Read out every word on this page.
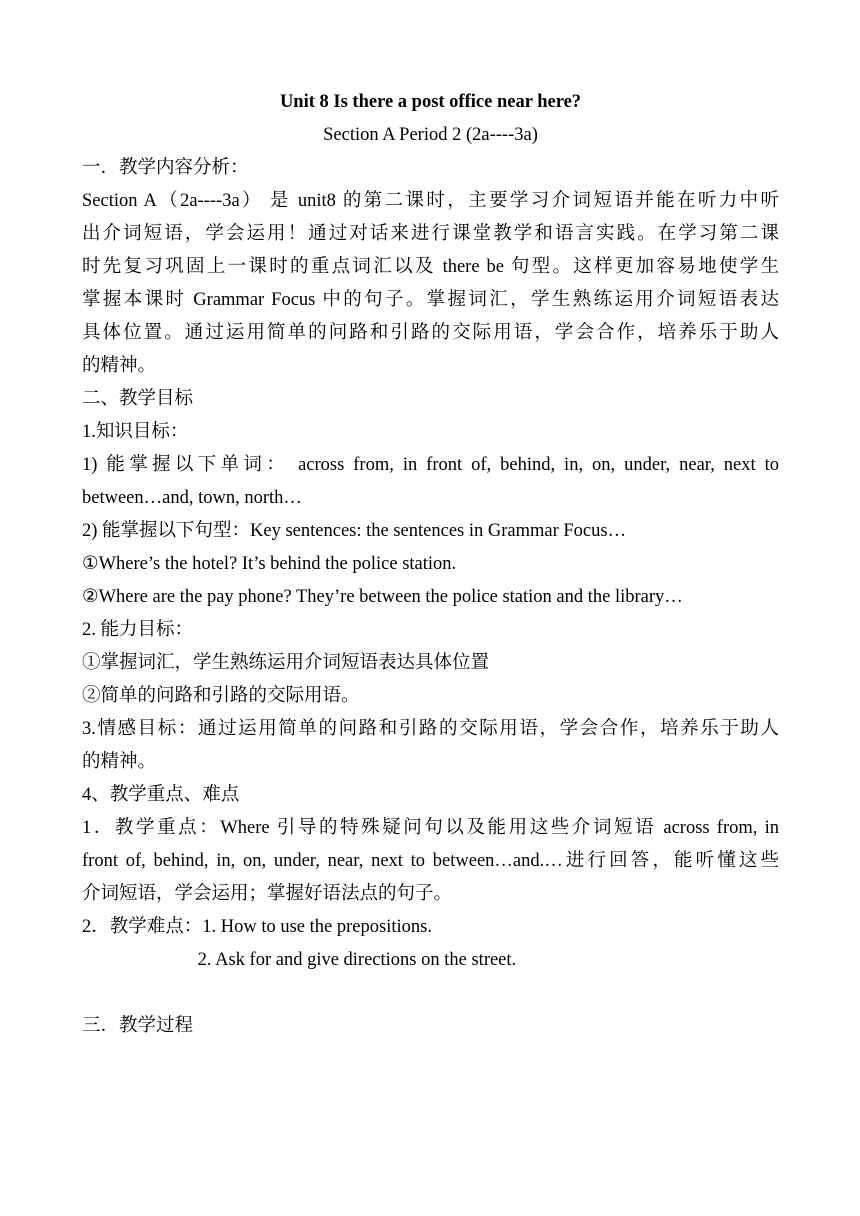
Unit 8 Is there a post office near here?
Section A Period 2 (2a----3a)
一．教学内容分析：
Section A（2a----3a） 是 unit8 的第二课时，主要学习介词短语并能在听力中听
出介词短语，学会运用！通过对话来进行课堂教学和语言实践。在学习第二课
时先复习巩固上一课时的重点词汇以及 there be 句型。这样更加容易地使学生
掌握本课时 Grammar Focus 中的句子。掌握词汇，学生熟练运用介词短语表达
具体位置。通过运用简单的问路和引路的交际用语，学会合作，培养乐于助人
的精神。
二、教学目标
1.知识目标：
1) 能掌握以下单词： across from, in front of, behind, in, on, under, near, next to
between…and, town, north…
2) 能掌握以下句型：Key sentences: the sentences in Grammar Focus…
①Where’s the hotel? It’s behind the police station.
②Where are the pay phone? They’re between the police station and the library…
2. 能力目标：
①掌握词汇，学生熟练运用介词短语表达具体位置
②简单的问路和引路的交际用语。
3.情感目标：通过运用简单的问路和引路的交际用语，学会合作，培养乐于助人
的精神。
4、教学重点、难点
1．教学重点：Where 引导的特殊疑问句以及能用这些介词短语 across from, in
front of, behind, in, on, under, near, next to between…and.…进行回答，能听懂这些
介词短语，学会运用；掌握好语法点的句子。
2．教学难点：1. How to use the prepositions.
2. Ask for and give directions on the street.
三．教学过程
